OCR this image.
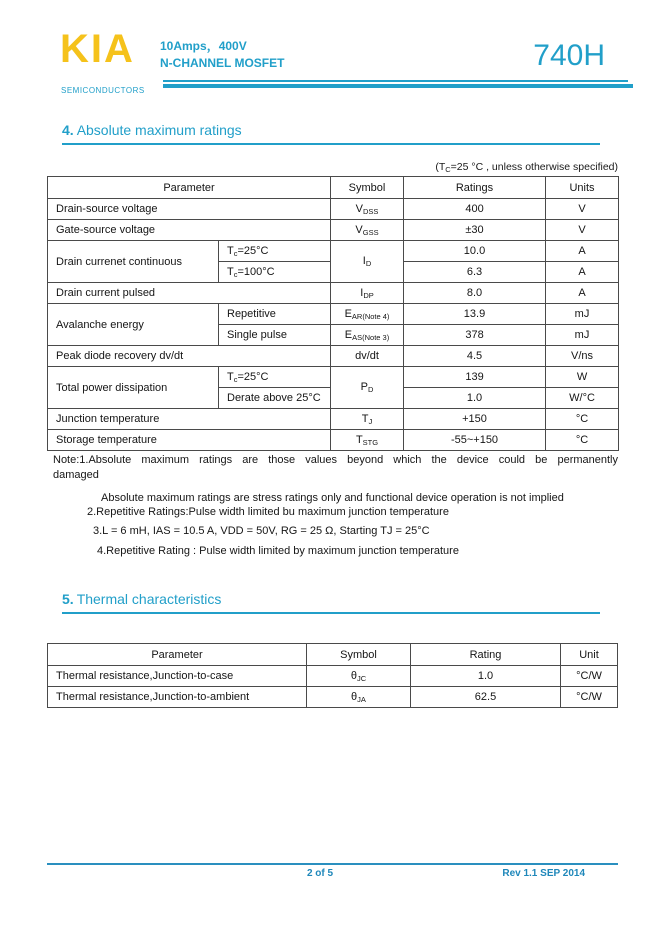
KIA
SEMICONDUCTORS
10Amps，400V
N-CHANNEL MOSFET	740H
4. Absolute maximum ratings
($T_C=25$ °C , unless otherwise specified)
Parameter		Symbol	Ratings	Units
Drain-source voltage		$V_{DSS}$	400	V
Gate-source voltage		$V_{GSS}$	±30	V
Drain currenet continuous	$T_c=25^\circ C$	$I_D$	10.0	A
	$T_c=100^\circ C$		6.3	A
Drain current pulsed		$I_{DP}$	8.0	A
Avalanche energy	Repetitive	$E_{AR(Note 4)}$	13.9	mJ
	Single pulse	$E_{AS(Note 3)}$	378	mJ
Peak diode recovery dv/dt		dv/dt	4.5	V/ns
Total power dissipation	$T_c=25^\circ C$	$P_D$	139	W
	Derate above 25°C		1.0	W/°C
Junction temperature		$T_J$	+150	°C
Storage temperature		$T_{STG}$	-55~+150	°C
Note:1.Absolute maximum ratings are those values beyond which the device could be permanently
damaged
Absolute maximum ratings are stress ratings only and functional device operation is not implied
2.Repetitive Ratings:Pulse width limited bu maximum junction temperature
3.L = 6 mH, IAS = 10.5 A, VDD = 50V, RG = 25 Ω, Starting TJ = 25°C
4.Repetitive Rating : Pulse width limited by maximum junction temperature
5. Thermal characteristics
Parameter	Symbol	Rating	Unit
Thermal resistance,Junction-to-case	$\theta_{JC}$	1.0	°C/W
Thermal resistance,Junction-to-ambient	$\theta_{JA}$	62.5	°C/W
2 of 5	Rev 1.1 SEP 2014
